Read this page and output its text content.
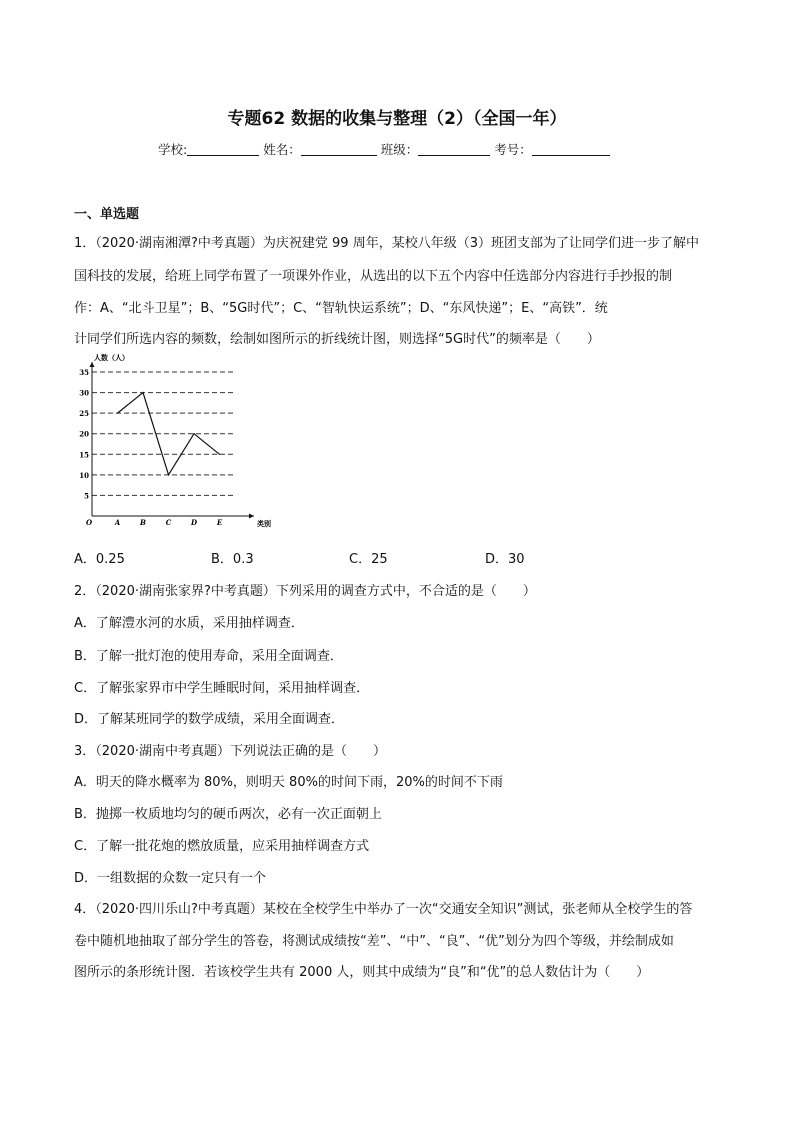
专题62 数据的收集与整理（2）（全国一年）
学校:	姓名：	班级：	考号：
一、单选题
1．（2020·湖南湘潭?中考真题）为庆祝建党 99 周年，某校八年级（3）班团支部为了让同学们进一步了解中
国科技的发展，给班上同学布置了一项课外作业，从选出的以下五个内容中任选部分内容进行手抄报的制
作：A、“北斗卫星”；B、“5G时代”；C、“智轨快运系统”；D、“东风快递”；E、“高铁”．统
计同学们所选内容的频数，绘制如图所示的折线统计图，则选择“5G时代”的频率是（　　）
5
10
15
20
25
30
35
人数（人）
类别
O	A	B	C	D	E
A．0.25	B．0.3	C．25	D．30
2．（2020·湖南张家界?中考真题）下列采用的调查方式中，不合适的是（　　）
A．了解澧水河的水质，采用抽样调查．
B．了解一批灯泡的使用寿命，采用全面调查．
C．了解张家界市中学生睡眠时间，采用抽样调查．
D．了解某班同学的数学成绩，采用全面调查．
3．（2020·湖南中考真题）下列说法正确的是（　　）
A．明天的降水概率为 80%，则明天 80%的时间下雨，20%的时间不下雨
B．抛掷一枚质地均匀的硬币两次，必有一次正面朝上
C．了解一批花炮的燃放质量，应采用抽样调查方式
D．一组数据的众数一定只有一个
4．（2020·四川乐山?中考真题）某校在全校学生中举办了一次“交通安全知识”测试，张老师从全校学生的答
卷中随机地抽取了部分学生的答卷，将测试成绩按“差”、“中”、“良”、“优”划分为四个等级，并绘制成如
图所示的条形统计图．若该校学生共有 2000 人，则其中成绩为“良”和“优”的总人数估计为（　　）
